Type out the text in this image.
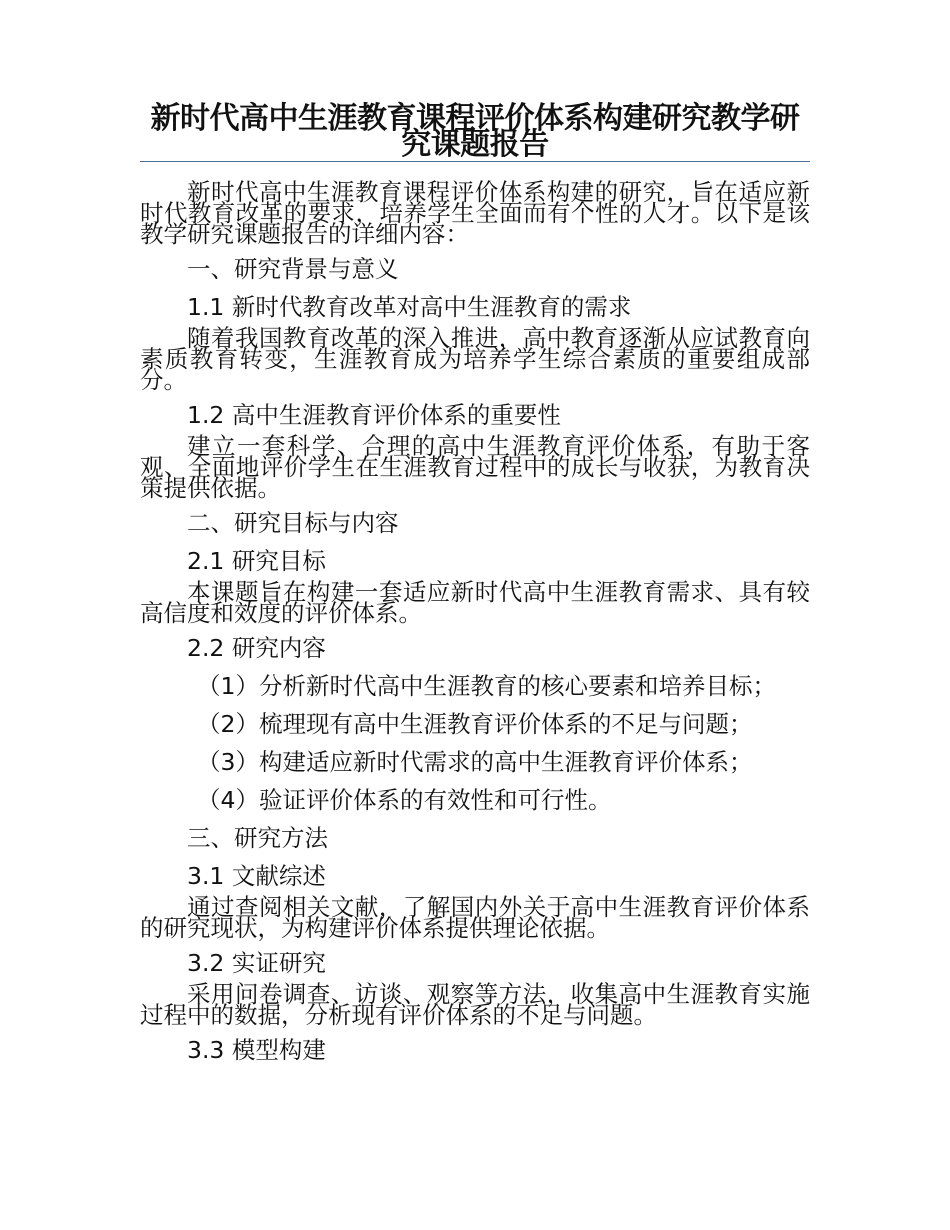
新时代高中生涯教育课程评价体系构建研究教学研究课题报告

新时代高中生涯教育课程评价体系构建的研究，旨在适应新时代教育改革的要求，培养学生全面而有个性的人才。以下是该教学研究课题报告的详细内容：

一、研究背景与意义

1.1 新时代教育改革对高中生涯教育的需求

随着我国教育改革的深入推进，高中教育逐渐从应试教育向素质教育转变，生涯教育成为培养学生综合素质的重要组成部分。

1.2 高中生涯教育评价体系的重要性

建立一套科学、合理的高中生涯教育评价体系，有助于客观、全面地评价学生在生涯教育过程中的成长与收获，为教育决策提供依据。

二、研究目标与内容

2.1 研究目标

本课题旨在构建一套适应新时代高中生涯教育需求、具有较高信度和效度的评价体系。

2.2 研究内容

（1）分析新时代高中生涯教育的核心要素和培养目标；

（2）梳理现有高中生涯教育评价体系的不足与问题；

（3）构建适应新时代需求的高中生涯教育评价体系；

（4）验证评价体系的有效性和可行性。

三、研究方法

3.1 文献综述

通过查阅相关文献，了解国内外关于高中生涯教育评价体系的研究现状，为构建评价体系提供理论依据。

3.2 实证研究

采用问卷调查、访谈、观察等方法，收集高中生涯教育实施过程中的数据，分析现有评价体系的不足与问题。

3.3 模型构建
